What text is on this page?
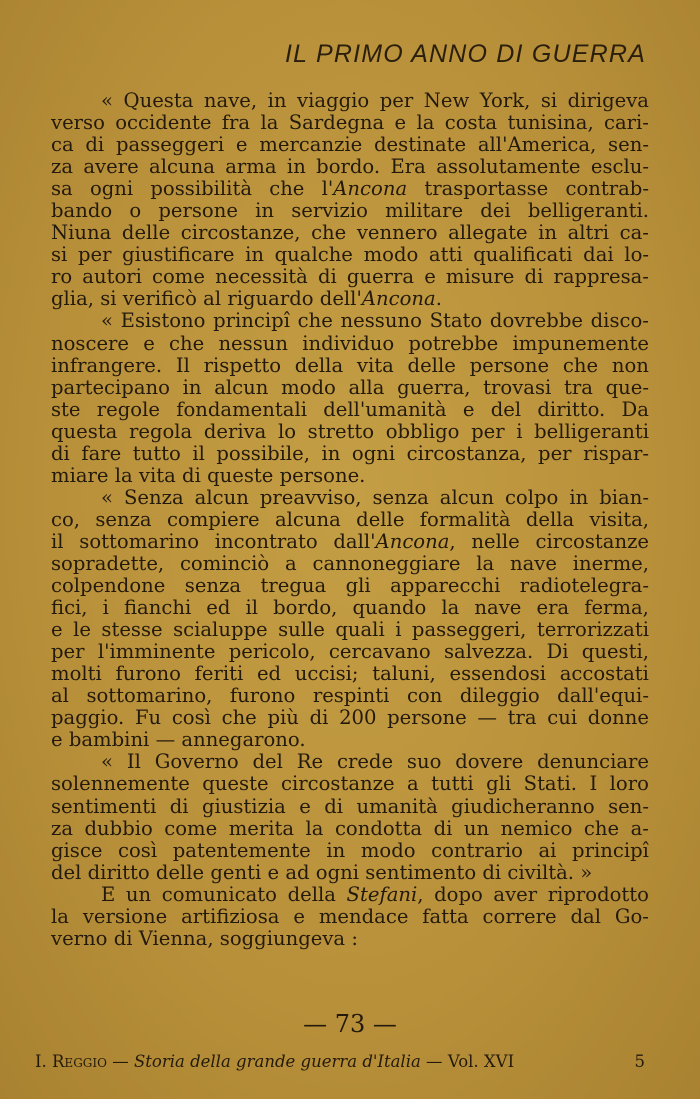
IL PRIMO ANNO DI GUERRA
« Questa nave, in viaggio per New York, si dirigeva
verso occidente fra la Sardegna e la costa tunisina, cari-
ca di passeggeri e mercanzie destinate all'America, sen-
za avere alcuna arma in bordo. Era assolutamente esclu-
sa ogni possibilità che l'Ancona trasportasse contrab-
bando o persone in servizio militare dei belligeranti.
Niuna delle circostanze, che vennero allegate in altri ca-
si per giustificare in qualche modo atti qualificati dai lo-
ro autori come necessità di guerra e misure di rappresa-
glia, si verificò al riguardo dell'Ancona.
« Esistono principî che nessuno Stato dovrebbe disco-
noscere e che nessun individuo potrebbe impunemente
infrangere. Il rispetto della vita delle persone che non
partecipano in alcun modo alla guerra, trovasi tra que-
ste regole fondamentali dell'umanità e del diritto. Da
questa regola deriva lo stretto obbligo per i belligeranti
di fare tutto il possibile, in ogni circostanza, per rispar-
miare la vita di queste persone.
« Senza alcun preavviso, senza alcun colpo in bian-
co, senza compiere alcuna delle formalità della visita,
il sottomarino incontrato dall'Ancona, nelle circostanze
sopradette, cominciò a cannoneggiare la nave inerme,
colpendone senza tregua gli apparecchi radiotelegra-
fici, i fianchi ed il bordo, quando la nave era ferma,
e le stesse scialuppe sulle quali i passeggeri, terrorizzati
per l'imminente pericolo, cercavano salvezza. Di questi,
molti furono feriti ed uccisi; taluni, essendosi accostati
al sottomarino, furono respinti con dileggio dall'equi-
paggio. Fu così che più di 200 persone — tra cui donne
e bambini — annegarono.
« Il Governo del Re crede suo dovere denunciare
solennemente queste circostanze a tutti gli Stati. I loro
sentimenti di giustizia e di umanità giudicheranno sen-
za dubbio come merita la condotta di un nemico che a-
gisce così patentemente in modo contrario ai principî
del diritto delle genti e ad ogni sentimento di civiltà. »
E un comunicato della Stefani, dopo aver riprodotto
la versione artifiziosa e mendace fatta correre dal Go-
verno di Vienna, soggiungeva :
— 73 —
I. Reggio — Storia della grande guerra d'Italia — Vol. XVI	5
